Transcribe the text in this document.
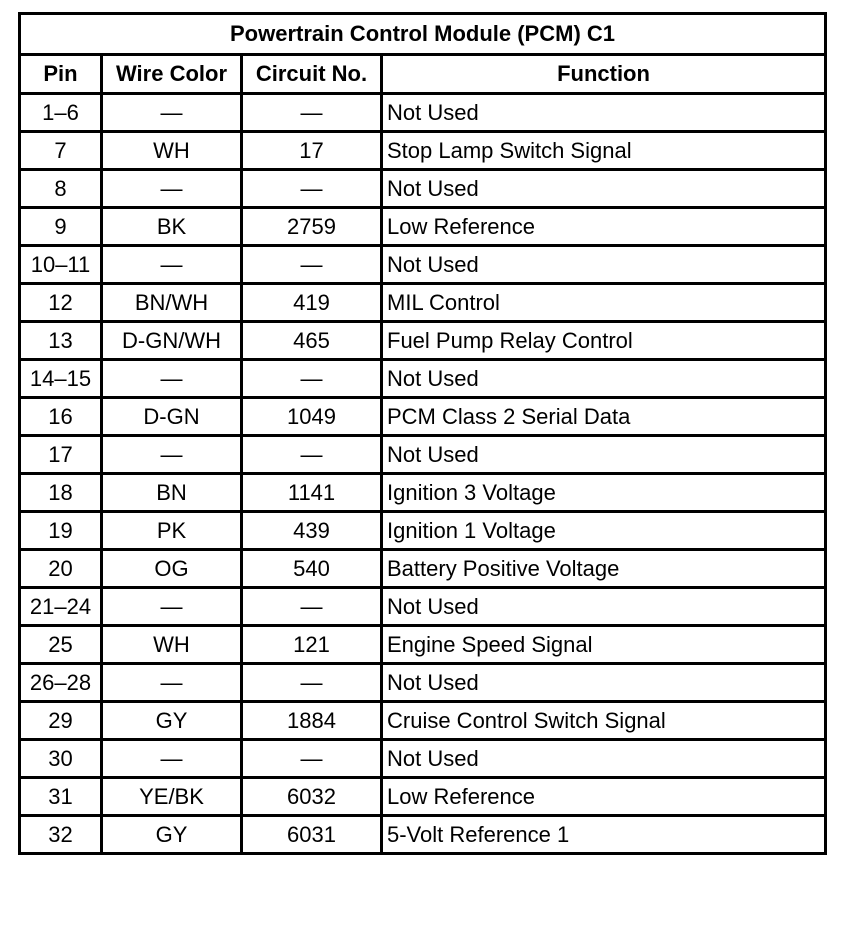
Powertrain Control Module (PCM) C1			
Pin	Wire Color	Circuit No.	Function
1–6	—	—	Not Used
7	WH	17	Stop Lamp Switch Signal
8	—	—	Not Used
9	BK	2759	Low Reference
10–11	—	—	Not Used
12	BN/WH	419	MIL Control
13	D-GN/WH	465	Fuel Pump Relay Control
14–15	—	—	Not Used
16	D-GN	1049	PCM Class 2 Serial Data
17	—	—	Not Used
18	BN	1141	Ignition 3 Voltage
19	PK	439	Ignition 1 Voltage
20	OG	540	Battery Positive Voltage
21–24	—	—	Not Used
25	WH	121	Engine Speed Signal
26–28	—	—	Not Used
29	GY	1884	Cruise Control Switch Signal
30	—	—	Not Used
31	YE/BK	6032	Low Reference
32	GY	6031	5-Volt Reference 1
